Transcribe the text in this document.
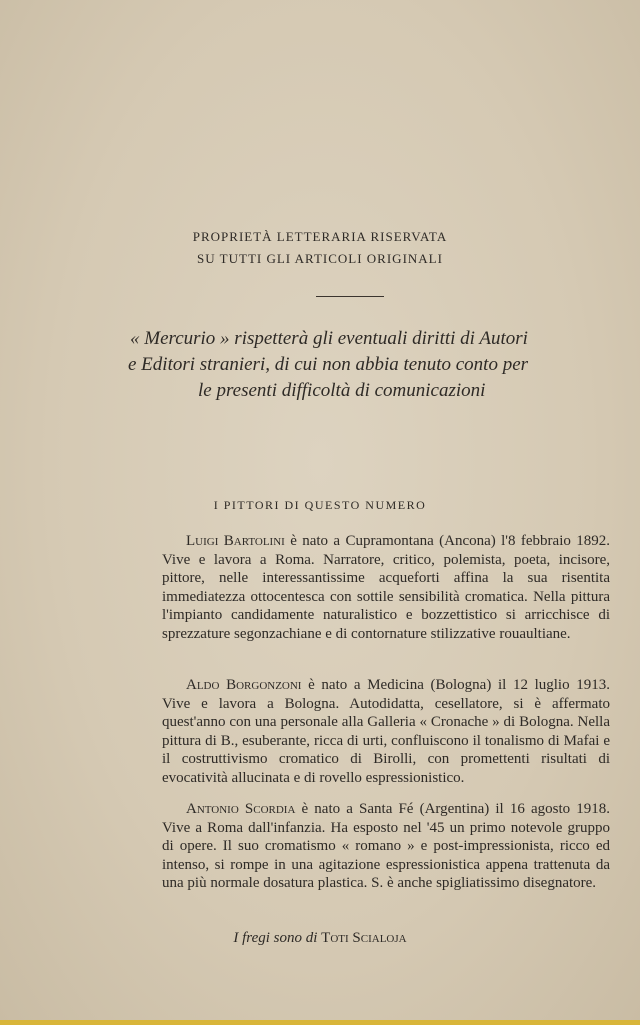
PROPRIETÀ LETTERARIA RISERVATA
SU TUTTI GLI ARTICOLI ORIGINALI

« Mercurio » rispetterà gli eventuali diritti di Autori

e Editori stranieri, di cui non abbia tenuto conto per

le presenti difficoltà di comunicazioni

I PITTORI DI QUESTO NUMERO

Luigi Bartolini è nato a Cupramontana (Ancona) l'8 febbraio 1892. Vive e lavora a Roma. Narratore, critico, polemista, poeta, incisore, pittore, nelle interessantissime acqueforti affina la sua risentita immediatezza ottocentesca con sottile sensibilità cromatica. Nella pittura l'impianto candidamente naturalistico e bozzettistico si arricchisce di sprezzature segonzachiane e di contornature stilizzative rouaultiane.

Aldo Borgonzoni è nato a Medicina (Bologna) il 12 luglio 1913. Vive e lavora a Bologna. Autodidatta, cesellatore, si è affermato quest'anno con una personale alla Galleria « Cronache » di Bologna. Nella pittura di B., esuberante, ricca di urti, confluiscono il tonalismo di Mafai e il costruttivismo cromatico di Birolli, con promettenti risultati di evocatività allucinata e di rovello espressionistico.

Antonio Scordia è nato a Santa Fé (Argentina) il 16 agosto 1918. Vive a Roma dall'infanzia. Ha esposto nel '45 un primo notevole gruppo di opere. Il suo cromatismo « romano » e post-impressionista, ricco ed intenso, si rompe in una agitazione espressionistica appena trattenuta da una più normale dosatura plastica. S. è anche spigliatissimo disegnatore.

I fregi sono di Toti Scialoja
